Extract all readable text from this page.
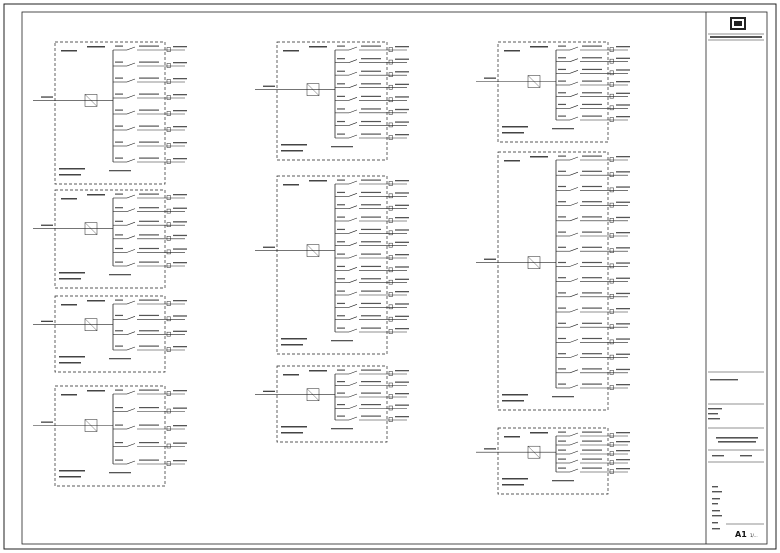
A1 1/...
